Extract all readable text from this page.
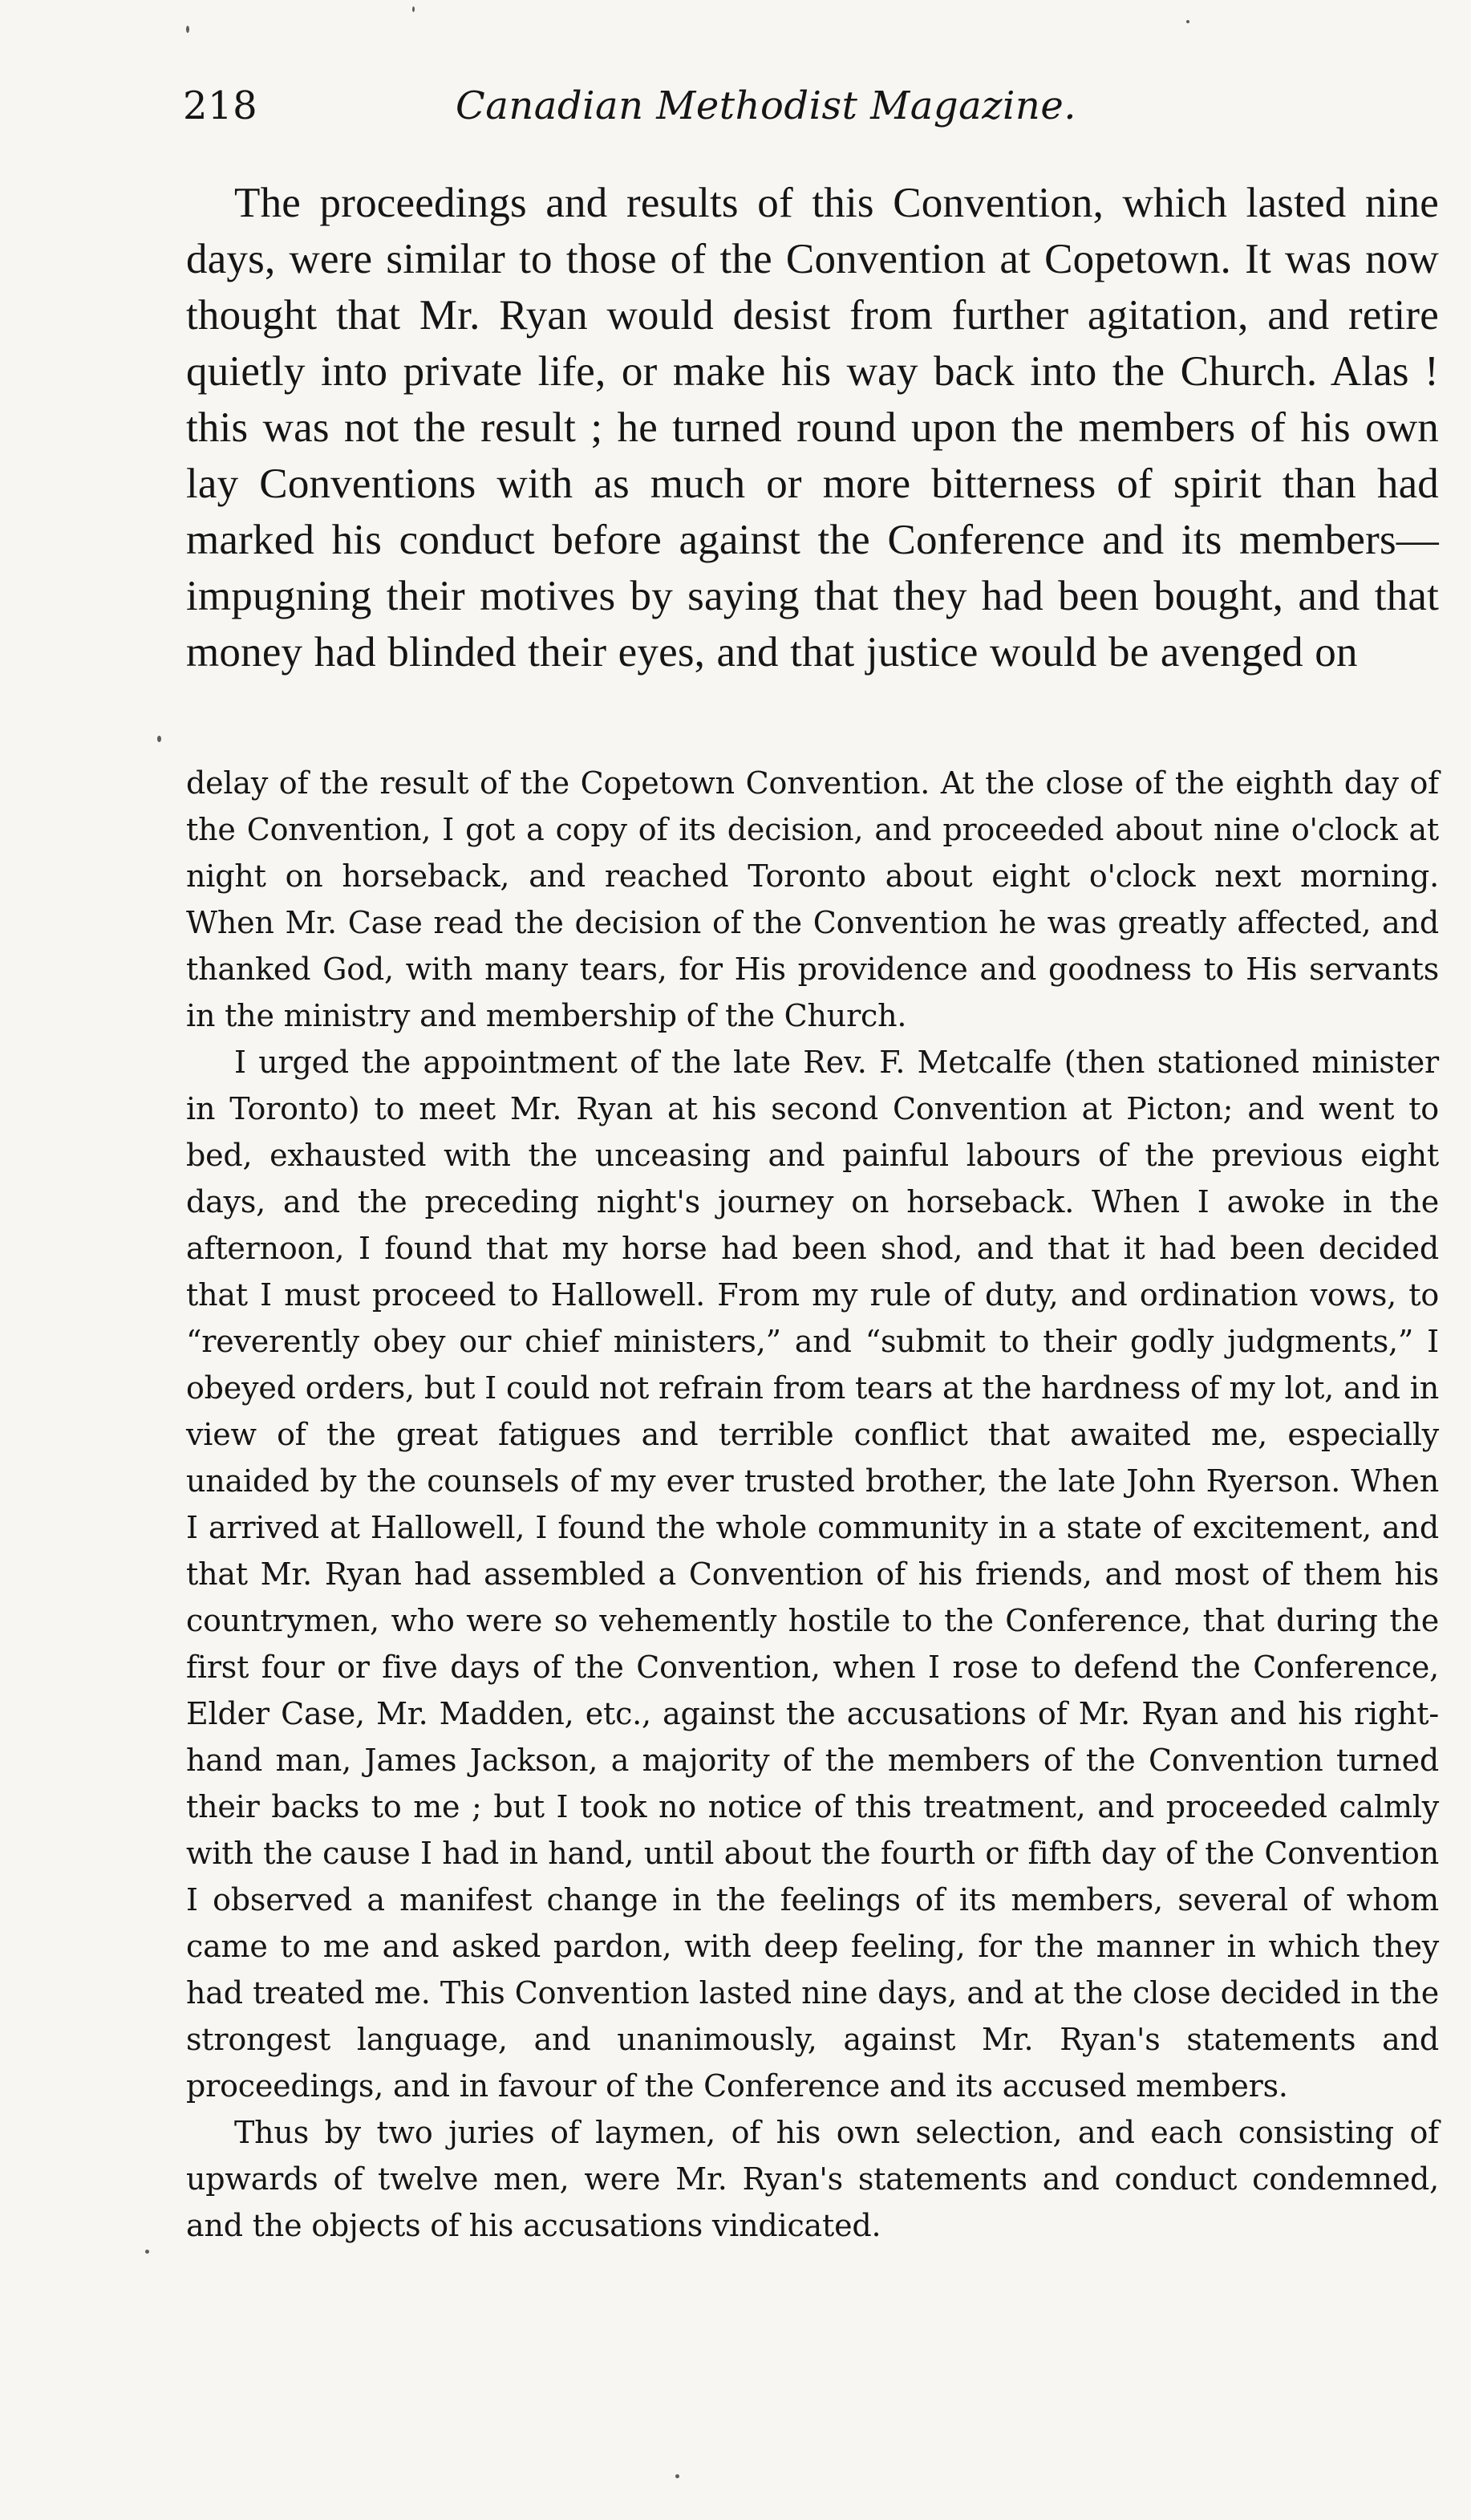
218	Canadian Methodist Magazine.

The proceedings and results of this Convention, which lasted nine days, were similar to those of the Convention at Copetown. It was now thought that Mr. Ryan would desist from further agitation, and retire quietly into private life, or make his way back into the Church. Alas ! this was not the result ; he turned round upon the members of his own lay Conventions with as much or more bitterness of spirit than had marked his conduct before against the Conference and its members—impugning their motives by saying that they had been bought, and that money had blinded their eyes, and that justice would be avenged on

delay of the result of the Copetown Convention. At the close of the eighth day of the Convention, I got a copy of its decision, and proceeded about nine o'clock at night on horseback, and reached Toronto about eight o'clock next morning. When Mr. Case read the decision of the Convention he was greatly affected, and thanked God, with many tears, for His providence and goodness to His servants in the ministry and membership of the Church.

I urged the appointment of the late Rev. F. Metcalfe (then stationed minister in Toronto) to meet Mr. Ryan at his second Convention at Picton; and went to bed, exhausted with the unceasing and painful labours of the previous eight days, and the preceding night's journey on horseback. When I awoke in the afternoon, I found that my horse had been shod, and that it had been decided that I must proceed to Hallowell. From my rule of duty, and ordination vows, to “reverently obey our chief ministers,” and “submit to their godly judgments,” I obeyed orders, but I could not refrain from tears at the hardness of my lot, and in view of the great fatigues and terrible conflict that awaited me, especially unaided by the counsels of my ever trusted brother, the late John Ryerson. When I arrived at Hallowell, I found the whole community in a state of excitement, and that Mr. Ryan had assembled a Convention of his friends, and most of them his countrymen, who were so vehemently hostile to the Conference, that during the first four or five days of the Convention, when I rose to defend the Conference, Elder Case, Mr. Madden, etc., against the accusations of Mr. Ryan and his right-hand man, James Jackson, a majority of the members of the Convention turned their backs to me ; but I took no notice of this treatment, and proceeded calmly with the cause I had in hand, until about the fourth or fifth day of the Convention I observed a manifest change in the feelings of its members, several of whom came to me and asked pardon, with deep feeling, for the manner in which they had treated me. This Convention lasted nine days, and at the close decided in the strongest language, and unanimously, against Mr. Ryan's statements and proceedings, and in favour of the Conference and its accused members.

Thus by two juries of laymen, of his own selection, and each consisting of upwards of twelve men, were Mr. Ryan's statements and conduct condemned, and the objects of his accusations vindicated.
